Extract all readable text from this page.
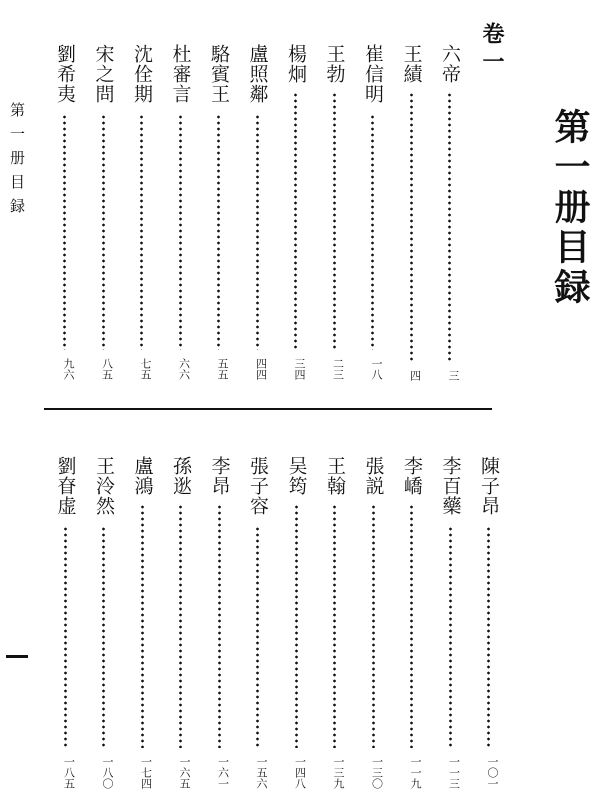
第一册目録
第一册目録
卷一
六帝
三
王績
四
崔信明
一八
王勃
二三
楊炯
三四
盧照鄰
四四
駱賓王
五五
杜審言
六六
沈佺期
七五
宋之問
八五
劉希夷
九六
陳子昂
一〇一
李百藥
一一三
李嶠
一一九
張説
一三〇
王翰
一三九
吴筠
一四八
張子容
一五六
李昂
一六一
孫逖
一六五
盧鴻
一七四
王泠然
一八〇
劉眘虚
一八五
